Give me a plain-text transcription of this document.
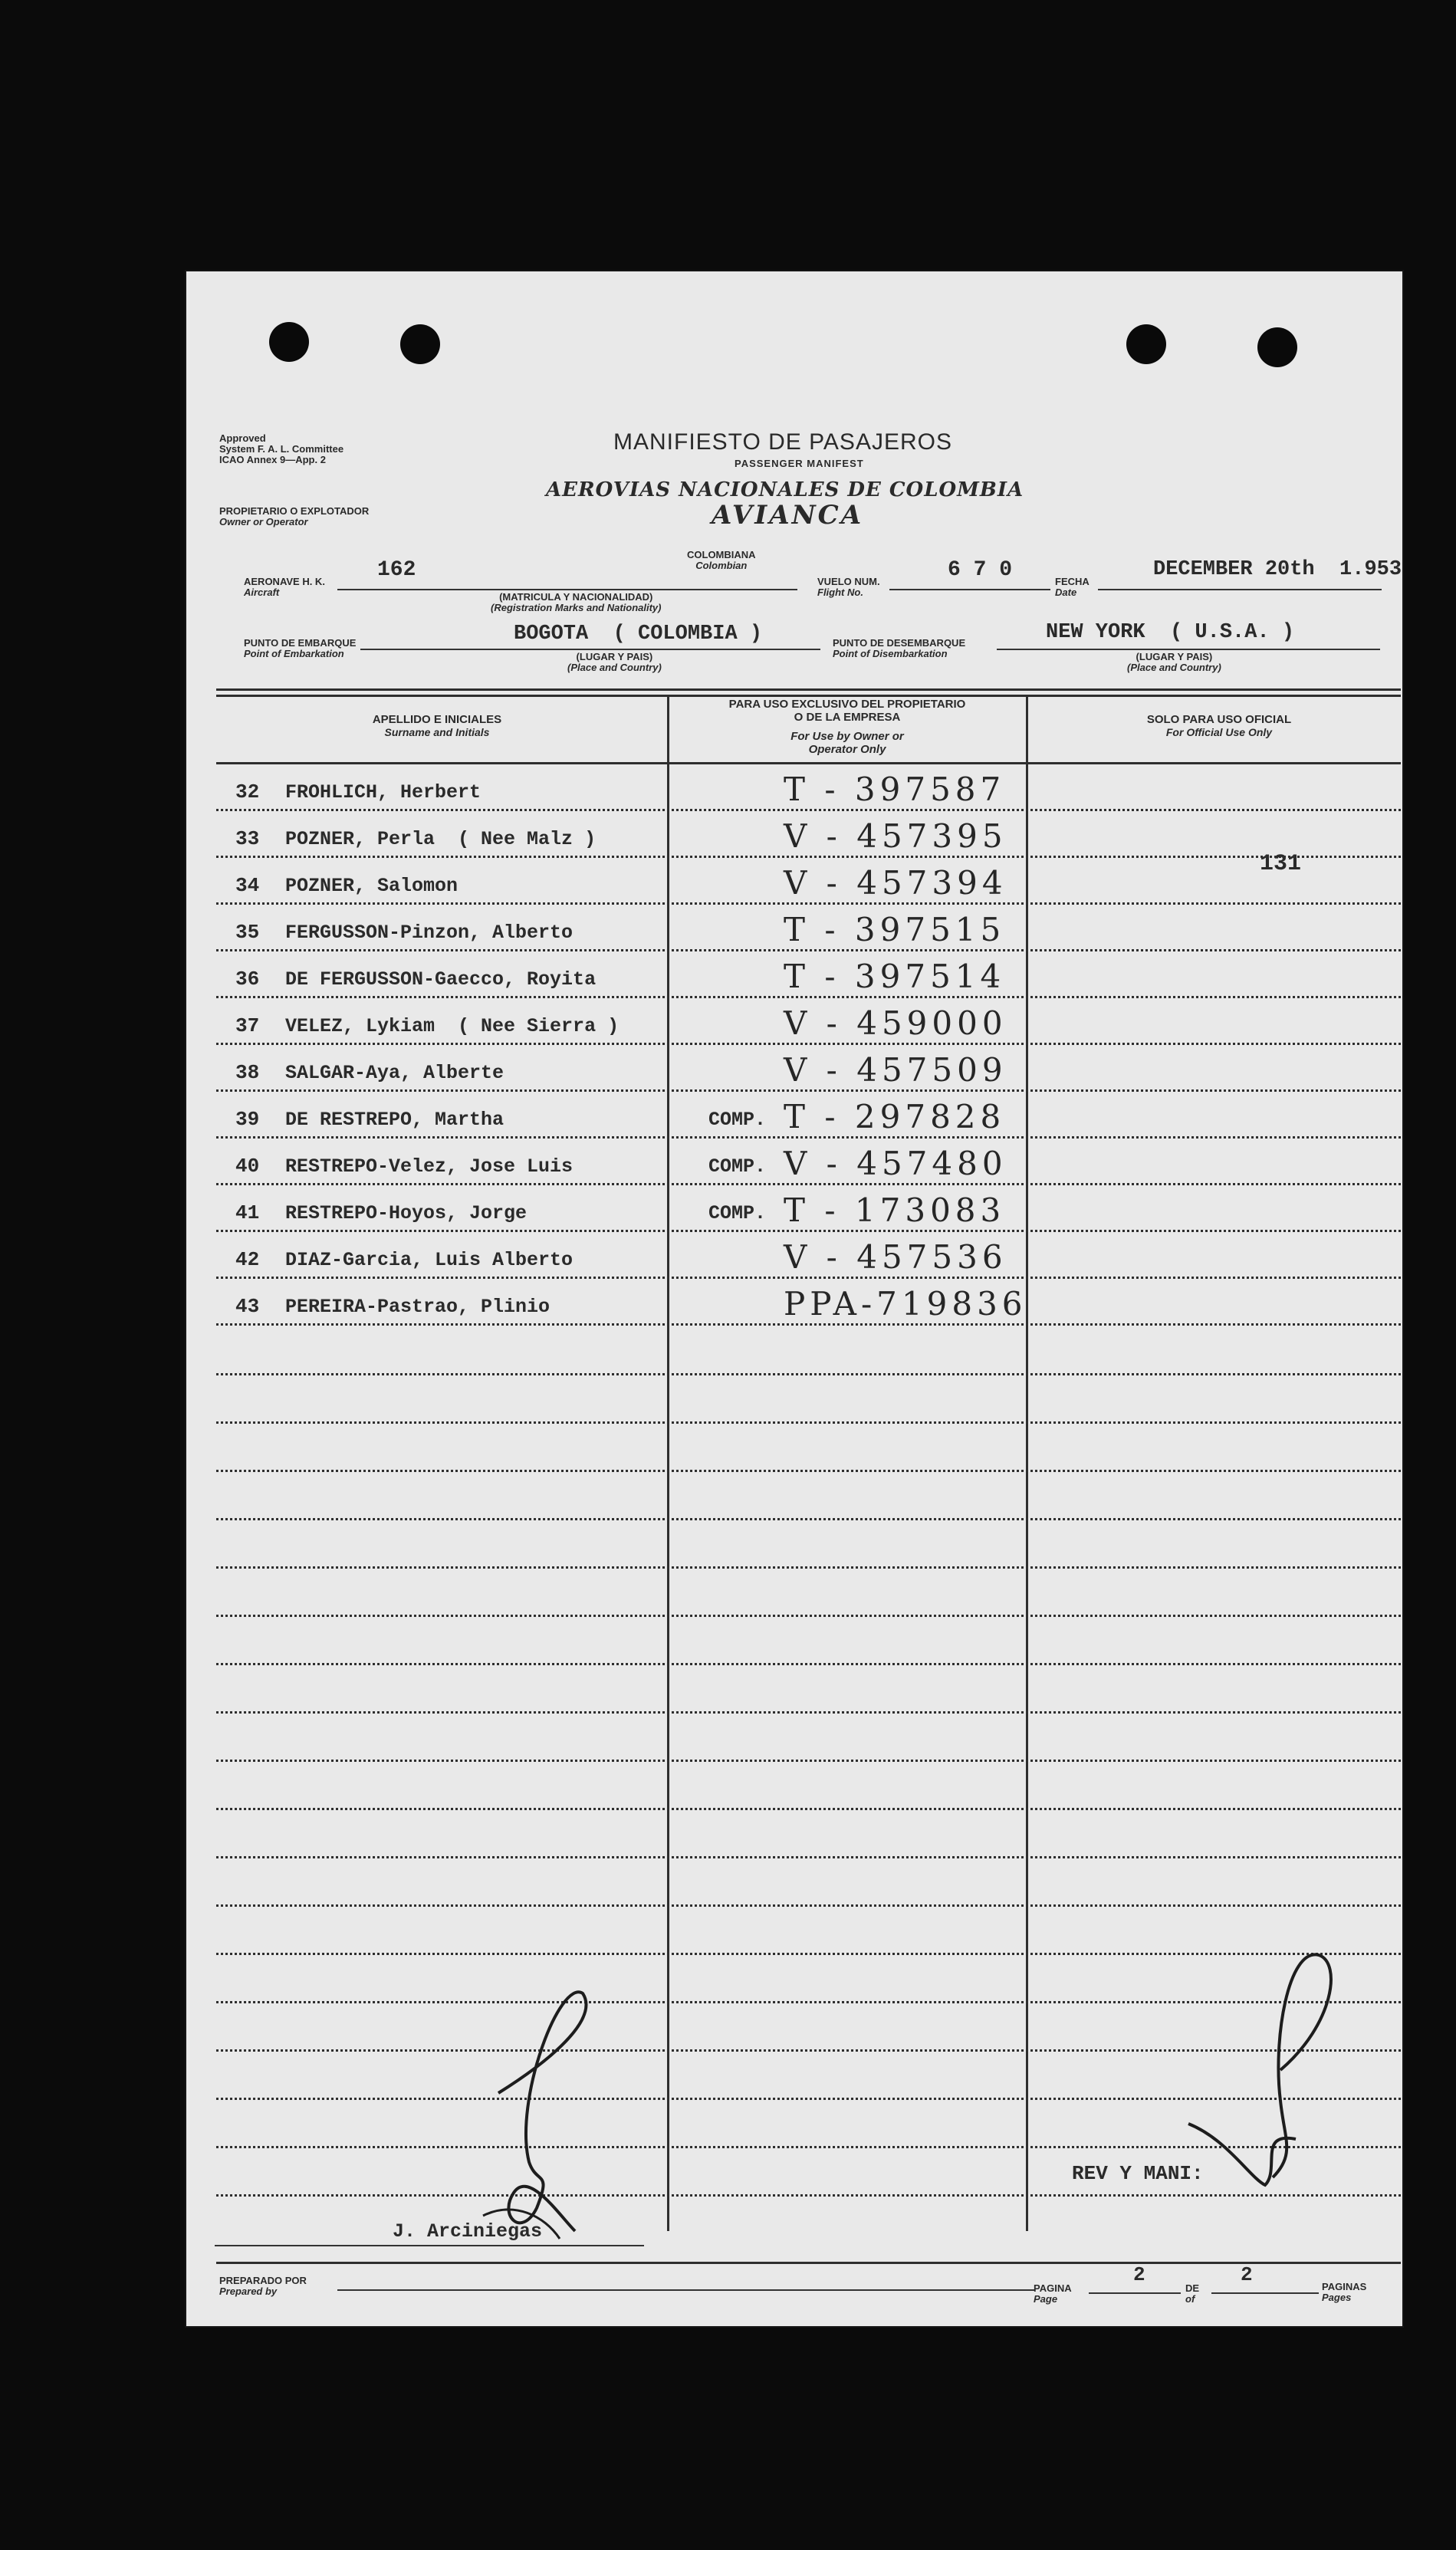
Approved
System F. A. L. Committee
ICAO Annex 9—App. 2
MANIFIESTO DE PASAJEROS
PASSENGER MANIFEST
AEROVIAS NACIONALES DE COLOMBIA
AVIANCA
PROPIETARIO O EXPLOTADOR
Owner or Operator
AERONAVE H. K.
Aircraft
162
COLOMBIANA
Colombian
(MATRICULA Y NACIONALIDAD)
(Registration Marks and Nationality)
VUELO NUM.
Flight No.
6 7 0	FECHA
Date
DECEMBER 20th  1.953
PUNTO DE EMBARQUE
Point of Embarkation
BOGOTA  ( COLOMBIA )
(LUGAR Y PAIS)
(Place and Country)
PUNTO DE DESEMBARQUE
Point of Disembarkation
NEW YORK  ( U.S.A. )
(LUGAR Y PAIS)
(Place and Country)
APELLIDO E INICIALES
Surname and Initials
PARA USO EXCLUSIVO DEL PROPIETARIO
O DE LA EMPRESA
For Use by Owner or
Operator Only
SOLO PARA USO OFICIAL
For Official Use Only
131
32 FROHLICH, Herbert	T - 397587
33 POZNER, Perla  ( Nee Malz )	V - 457395
34 POZNER, Salomon	V - 457394
35 FERGUSSON-Pinzon, Alberto	T - 397515
36 DE FERGUSSON-Gaecco, Royita	T - 397514
37 VELEZ, Lykiam  ( Nee Sierra )	V - 459000
38 SALGAR-Aya, Alberte	V - 457509
39 DE RESTREPO, Martha	COMP. T - 297828
40 RESTREPO-Velez, Jose Luis	COMP. V - 457480
41 RESTREPO-Hoyos, Jorge	COMP. T - 173083
42 DIAZ-Garcia, Luis Alberto	V - 457536
43 PEREIRA-Pastrao, Plinio	PPA-719836
REV Y MANI:
J. Arciniegas
PREPARADO POR
Prepared by	PAGINA
Page
2
DE
of
2
PAGINAS
Pages
